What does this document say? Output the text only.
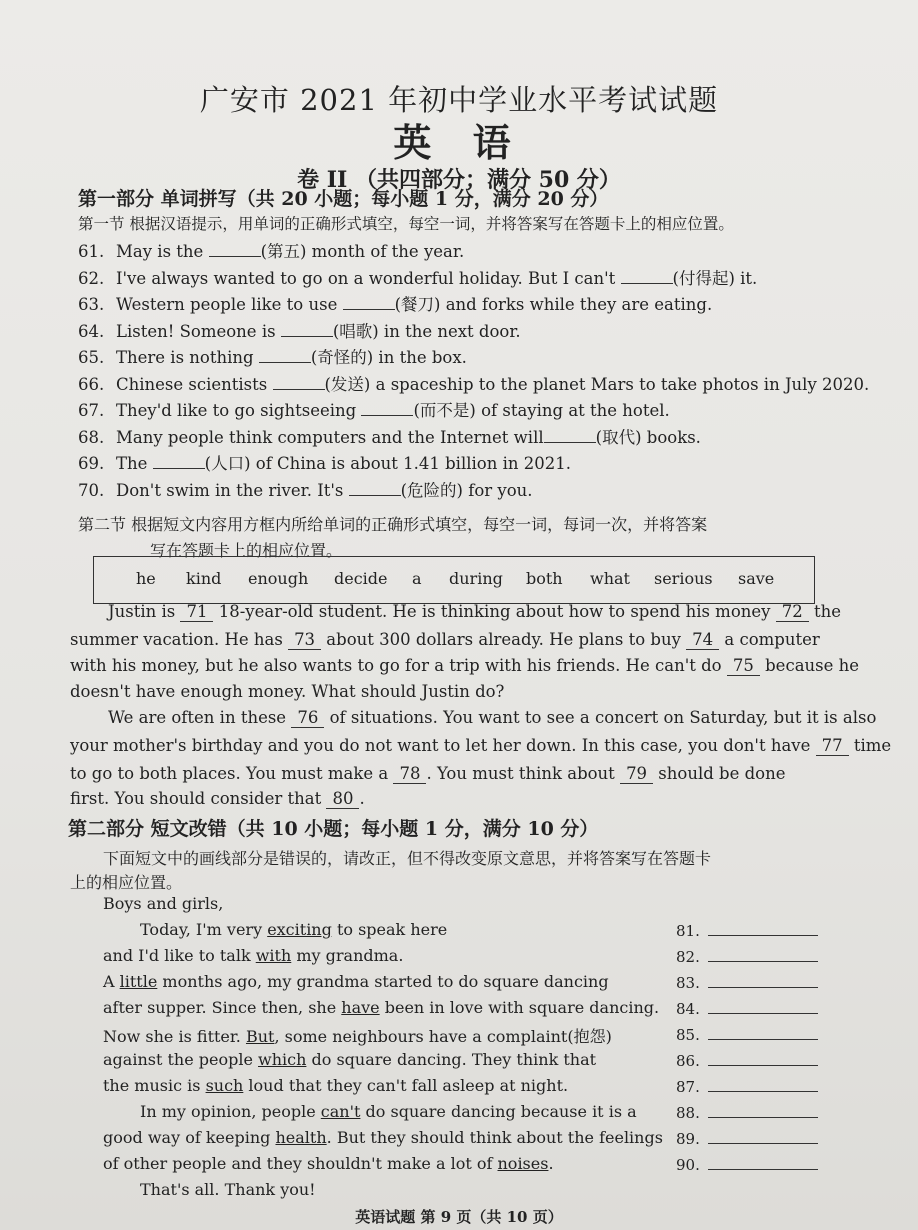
广安市 2021 年初中学业水平考试试题
英 语
卷 II （共四部分；满分 50 分）
第一部分 单词拼写（共 20 小题；每小题 1 分，满分 20 分）
第一节 根据汉语提示，用单词的正确形式填空，每空一词，并将答案写在答题卡上的相应位置。
61. May is the	(第五) month of the year.
62. I've always wanted to go on a wonderful holiday. But I can't	(付得起) it.
63. Western people like to use	(餐刀) and forks while they are eating.
64. Listen! Someone is	(唱歌) in the next door.
65. There is nothing	(奇怪的) in the box.
66. Chinese scientists	(发送) a spaceship to the planet Mars to take photos in July 2020.
67. They'd like to go sightseeing	(而不是) of staying at the hotel.
68. Many people think computers and the Internet will	(取代) books.
69. The	(人口) of China is about 1.41 billion in 2021.
70. Don't swim in the river. It's	(危险的) for you.
第二节 根据短文内容用方框内所给单词的正确形式填空，每空一词，每词一次，并将答案
写在答题卡上的相应位置。
he kind enough decide a during both what serious save
Justin is 71 18-year-old student. He is thinking about how to spend his money 72 the
summer vacation. He has 73 about 300 dollars already. He plans to buy 74 a computer
with his money, but he also wants to go for a trip with his friends. He can't do 75 because he
doesn't have enough money. What should Justin do?
We are often in these 76 of situations. You want to see a concert on Saturday, but it is also
your mother's birthday and you do not want to let her down. In this case, you don't have 77 time
to go to both places. You must make a 78 . You must think about 79 should be done
first. You should consider that 80 .
第二部分 短文改错（共 10 小题；每小题 1 分，满分 10 分）
下面短文中的画线部分是错误的，请改正，但不得改变原文意思，并将答案写在答题卡
上的相应位置。
Boys and girls,
Today, I'm very exciting to speak here	81.
and I'd like to talk with my grandma.	82.
A little months ago, my grandma started to do square dancing	83.
after supper. Since then, she have been in love with square dancing. 84.
Now she is fitter. But, some neighbours have a complaint(抱怨)	85.
against the people which do square dancing. They think that	86.
the music is such loud that they can't fall asleep at night.	87.
In my opinion, people can't do square dancing because it is a	88.
good way of keeping health. But they should think about the feelings 89.
of other people and they shouldn't make a lot of noises.	90.
That's all. Thank you!
英语试题 第 9 页（共 10 页）
